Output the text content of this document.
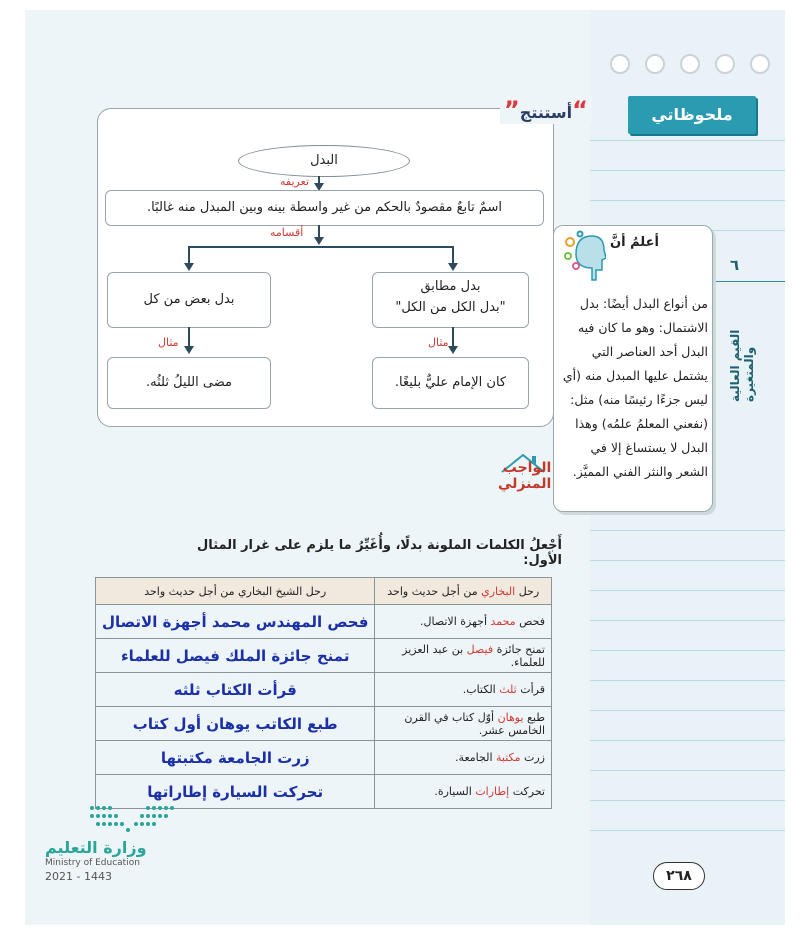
ملحوظاتي
٦
القيم العالية والمتغيرة
أعلمُ أنَّ
من أنواع البدل أيضًا: بدل الاشتمال: وهو ما كان فيه البدل أحد العناصر التي يشتمل عليها المبدل منه (أي ليس جزءًا رئيسًا منه) مثل:(نفعني المعلمُ علمُه) وهذا البدل لا يستساغ إلا في الشعر والنثر الفني المميَّز.
”أستنتج“
البدل
تعريفه
اسمٌ تابعٌ مقصودٌ بالحكم من غير واسطة بينه وبين المبدل منه غالبًا.
أقسامه
بدل مطابق
"بدل الكل من الكل"
بدل بعض من كل
مثال
مثال
كان الإمام عليٌّ بليغًا.
مضى الليلُ ثلثُه.
الواجب
المنزلي
أَجْعلُ الكلمات الملونة بدلًا، وأُغَيِّرُ ما يلزم على غرار المثال الأول:
رحل الشيخ البخاري من أجل حديث واحد	رحل البخاري من أجل حديث واحد
فحص المهندس محمد أجهزة الاتصال	فحص محمد أجهزة الاتصال.
تمنح جائزة الملك فيصل للعلماء	تمنح جائزة فيصل بن عبد العزيز للعلماء.
قرأت الكتاب ثلثه	قرأت ثلث الكتاب.
طبع الكاتب يوهان أول كتاب	طبع يوهان أوّل كتاب في القرن الخامس عشر.
زرت الجامعة مكتبتها	زرت مكتبة الجامعة.
تحركت السيارة إطاراتها	تحركت إطارات السيارة.
وزارة التعليم
Ministry of Education
2021 - 1443	٢٦٨
